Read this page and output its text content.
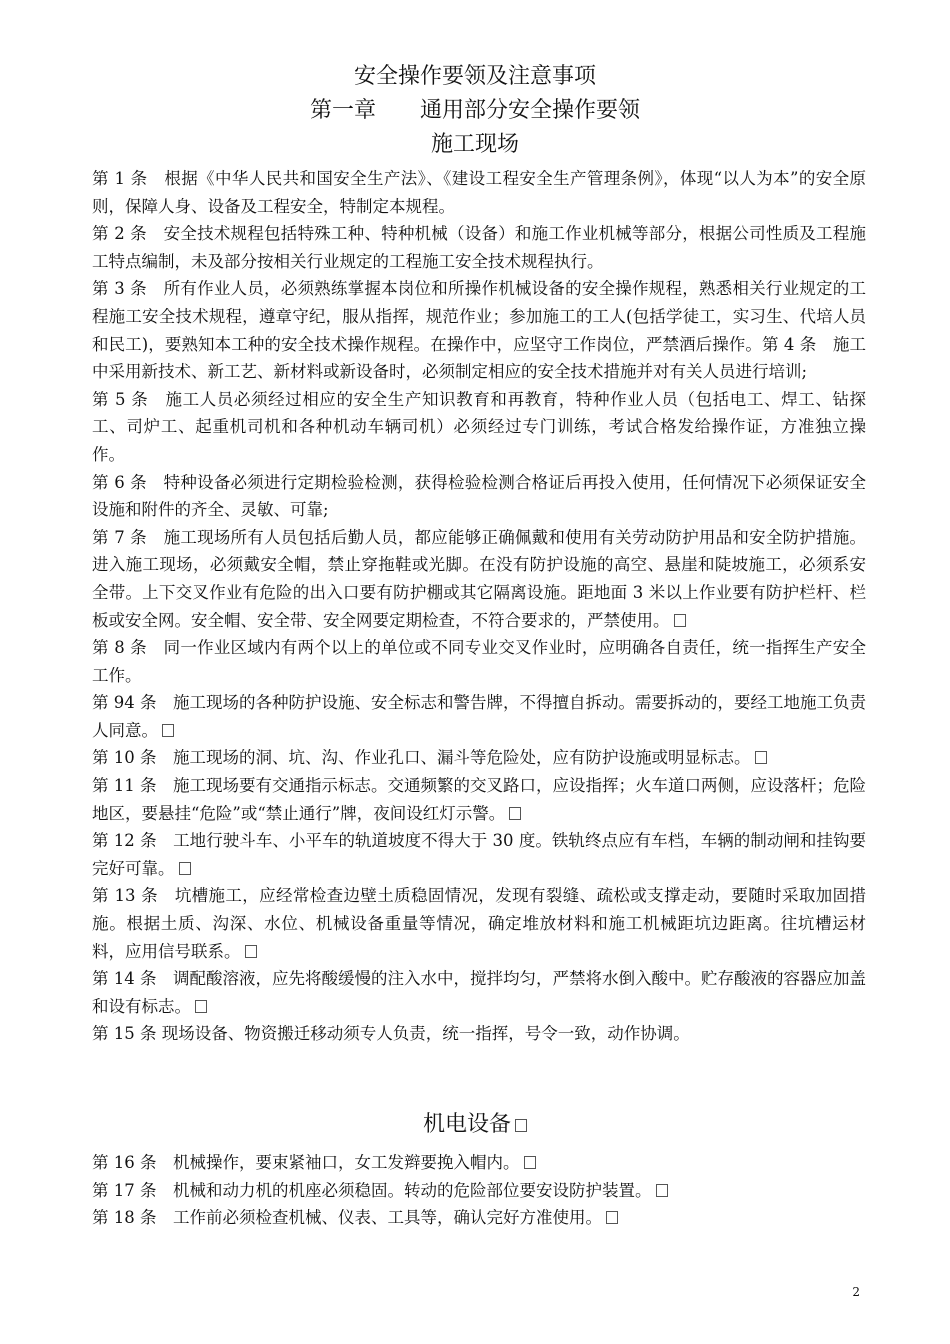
安全操作要领及注意事项
第一章　　通用部分安全操作要领
施工现场

第 1 条　根据《中华人民共和国安全生产法》、《建设工程安全生产管理条例》，体现“以人为本”的安全原则，保障人身、设备及工程安全，特制定本规程。

第 2 条　安全技术规程包括特殊工种、特种机械（设备）和施工作业机械等部分，根据公司性质及工程施工特点编制，未及部分按相关行业规定的工程施工安全技术规程执行。

第 3 条　所有作业人员，必须熟练掌握本岗位和所操作机械设备的安全操作规程，熟悉相关行业规定的工程施工安全技术规程，遵章守纪，服从指挥，规范作业；参加施工的工人(包括学徒工，实习生、代培人员和民工)，要熟知本工种的安全技术操作规程。在操作中，应坚守工作岗位，严禁酒后操作。第 4 条　施工中采用新技术、新工艺、新材料或新设备时，必须制定相应的安全技术措施并对有关人员进行培训;

第 5 条　施工人员必须经过相应的安全生产知识教育和再教育，特种作业人员（包括电工、焊工、钻探工、司炉工、起重机司机和各种机动车辆司机）必须经过专门训练，考试合格发给操作证，方准独立操作。

第 6 条　特种设备必须进行定期检验检测，获得检验检测合格证后再投入使用，任何情况下必须保证安全设施和附件的齐全、灵敏、可靠;

第 7 条　施工现场所有人员包括后勤人员，都应能够正确佩戴和使用有关劳动防护用品和安全防护措施。进入施工现场，必须戴安全帽，禁止穿拖鞋或光脚。在没有防护设施的高空、悬崖和陡坡施工，必须系安全带。上下交叉作业有危险的出入口要有防护棚或其它隔离设施。距地面 3 米以上作业要有防护栏杆、栏板或安全网。安全帽、安全带、安全网要定期检查，不符合要求的，严禁使用。

第 8 条　同一作业区域内有两个以上的单位或不同专业交叉作业时，应明确各自责任，统一指挥生产安全工作。

第 94 条　施工现场的各种防护设施、安全标志和警告牌，不得擅自拆动。需要拆动的，要经工地施工负责人同意。

第 10 条　施工现场的洞、坑、沟、作业孔口、漏斗等危险处，应有防护设施或明显标志。

第 11 条　施工现场要有交通指示标志。交通频繁的交叉路口，应设指挥；火车道口两侧，应设落杆；危险地区，要悬挂“危险”或“禁止通行”牌，夜间设红灯示警。

第 12 条　工地行驶斗车、小平车的轨道坡度不得大于 30 度。铁轨终点应有车档，车辆的制动闸和挂钩要完好可靠。

第 13 条　坑槽施工，应经常检查边壁土质稳固情况，发现有裂缝、疏松或支撑走动，要随时采取加固措施。根据土质、沟深、水位、机械设备重量等情况，确定堆放材料和施工机械距坑边距离。往坑槽运材料，应用信号联系。

第 14 条　调配酸溶液，应先将酸缓慢的注入水中，搅拌均匀，严禁将水倒入酸中。贮存酸液的容器应加盖和设有标志。

第 15 条 现场设备、物资搬迁移动须专人负责，统一指挥，号令一致，动作协调。

机电设备

第 16 条　机械操作，要束紧袖口，女工发辫要挽入帽内。

第 17 条　机械和动力机的机座必须稳固。转动的危险部位要安设防护装置。

第 18 条　工作前必须检查机械、仪表、工具等，确认完好方准使用。

2
